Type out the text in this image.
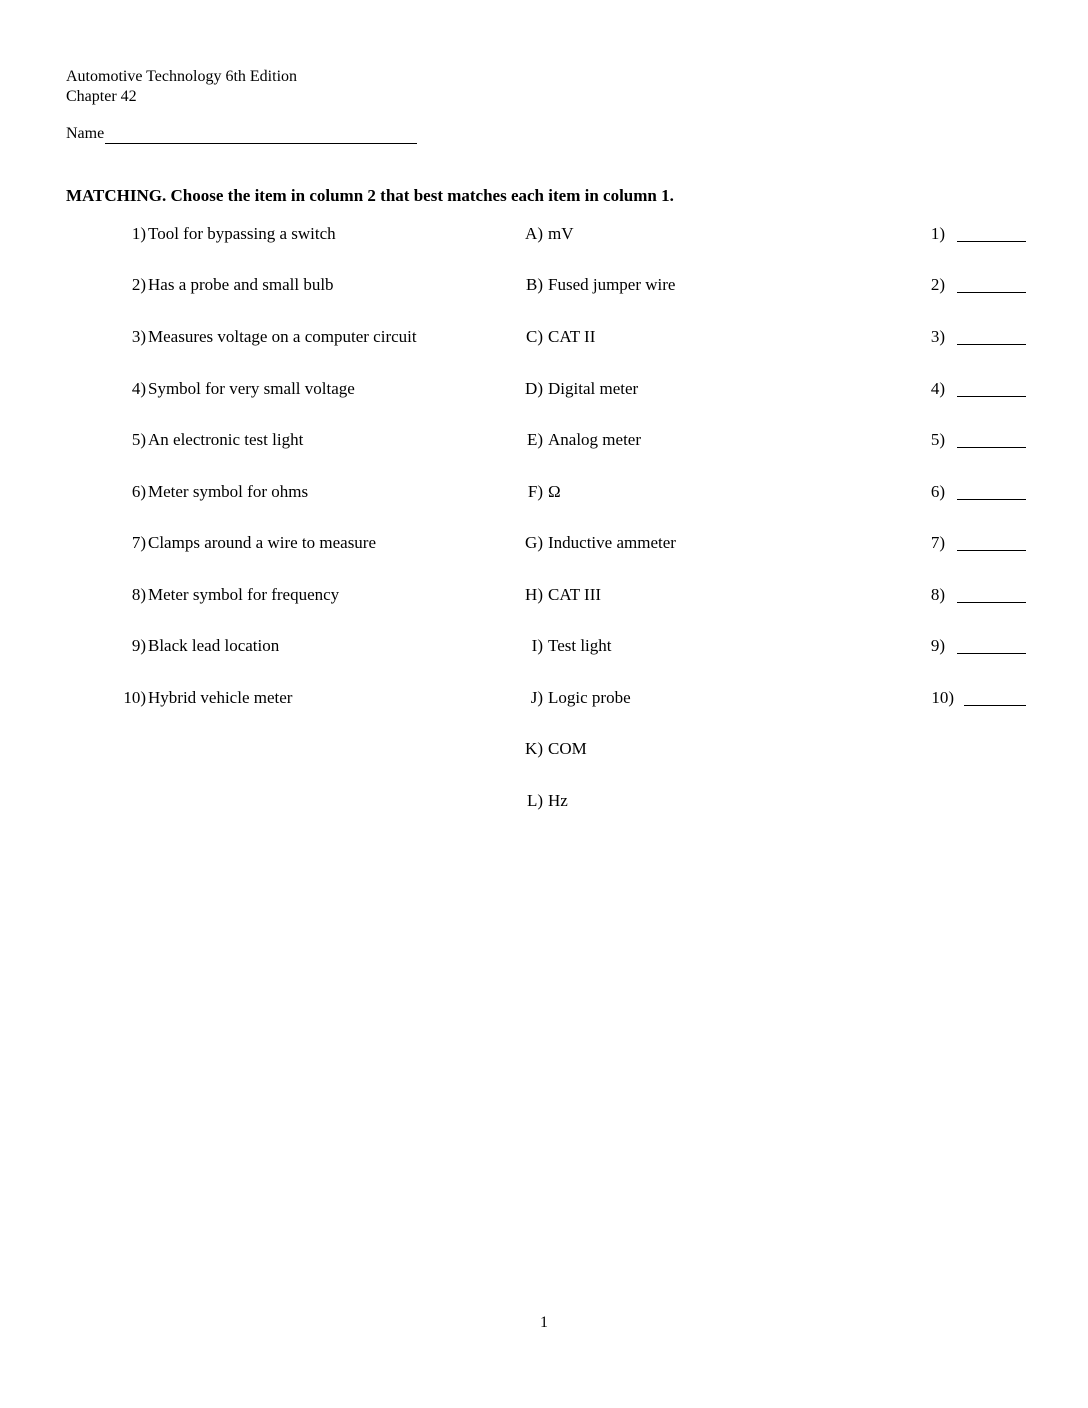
Automotive Technology 6th Edition
Chapter 42
Name
MATCHING. Choose the item in column 2 that best matches each item in column 1.
1) Tool for bypassing a switch	A) mV	1)
2) Has a probe and small bulb	B) Fused jumper wire	2)
3) Measures voltage on a computer circuit	C) CAT II	3)
4) Symbol for very small voltage	D) Digital meter	4)
5) An electronic test light	E) Analog meter	5)
6) Meter symbol for ohms	F) Ω	6)
7) Clamps around a wire to measure	G) Inductive ammeter	7)
8) Meter symbol for frequency	H) CAT III	8)
9) Black lead location	I) Test light	9)
10) Hybrid vehicle meter	J) Logic probe	10)
K) COM
L) Hz
1
